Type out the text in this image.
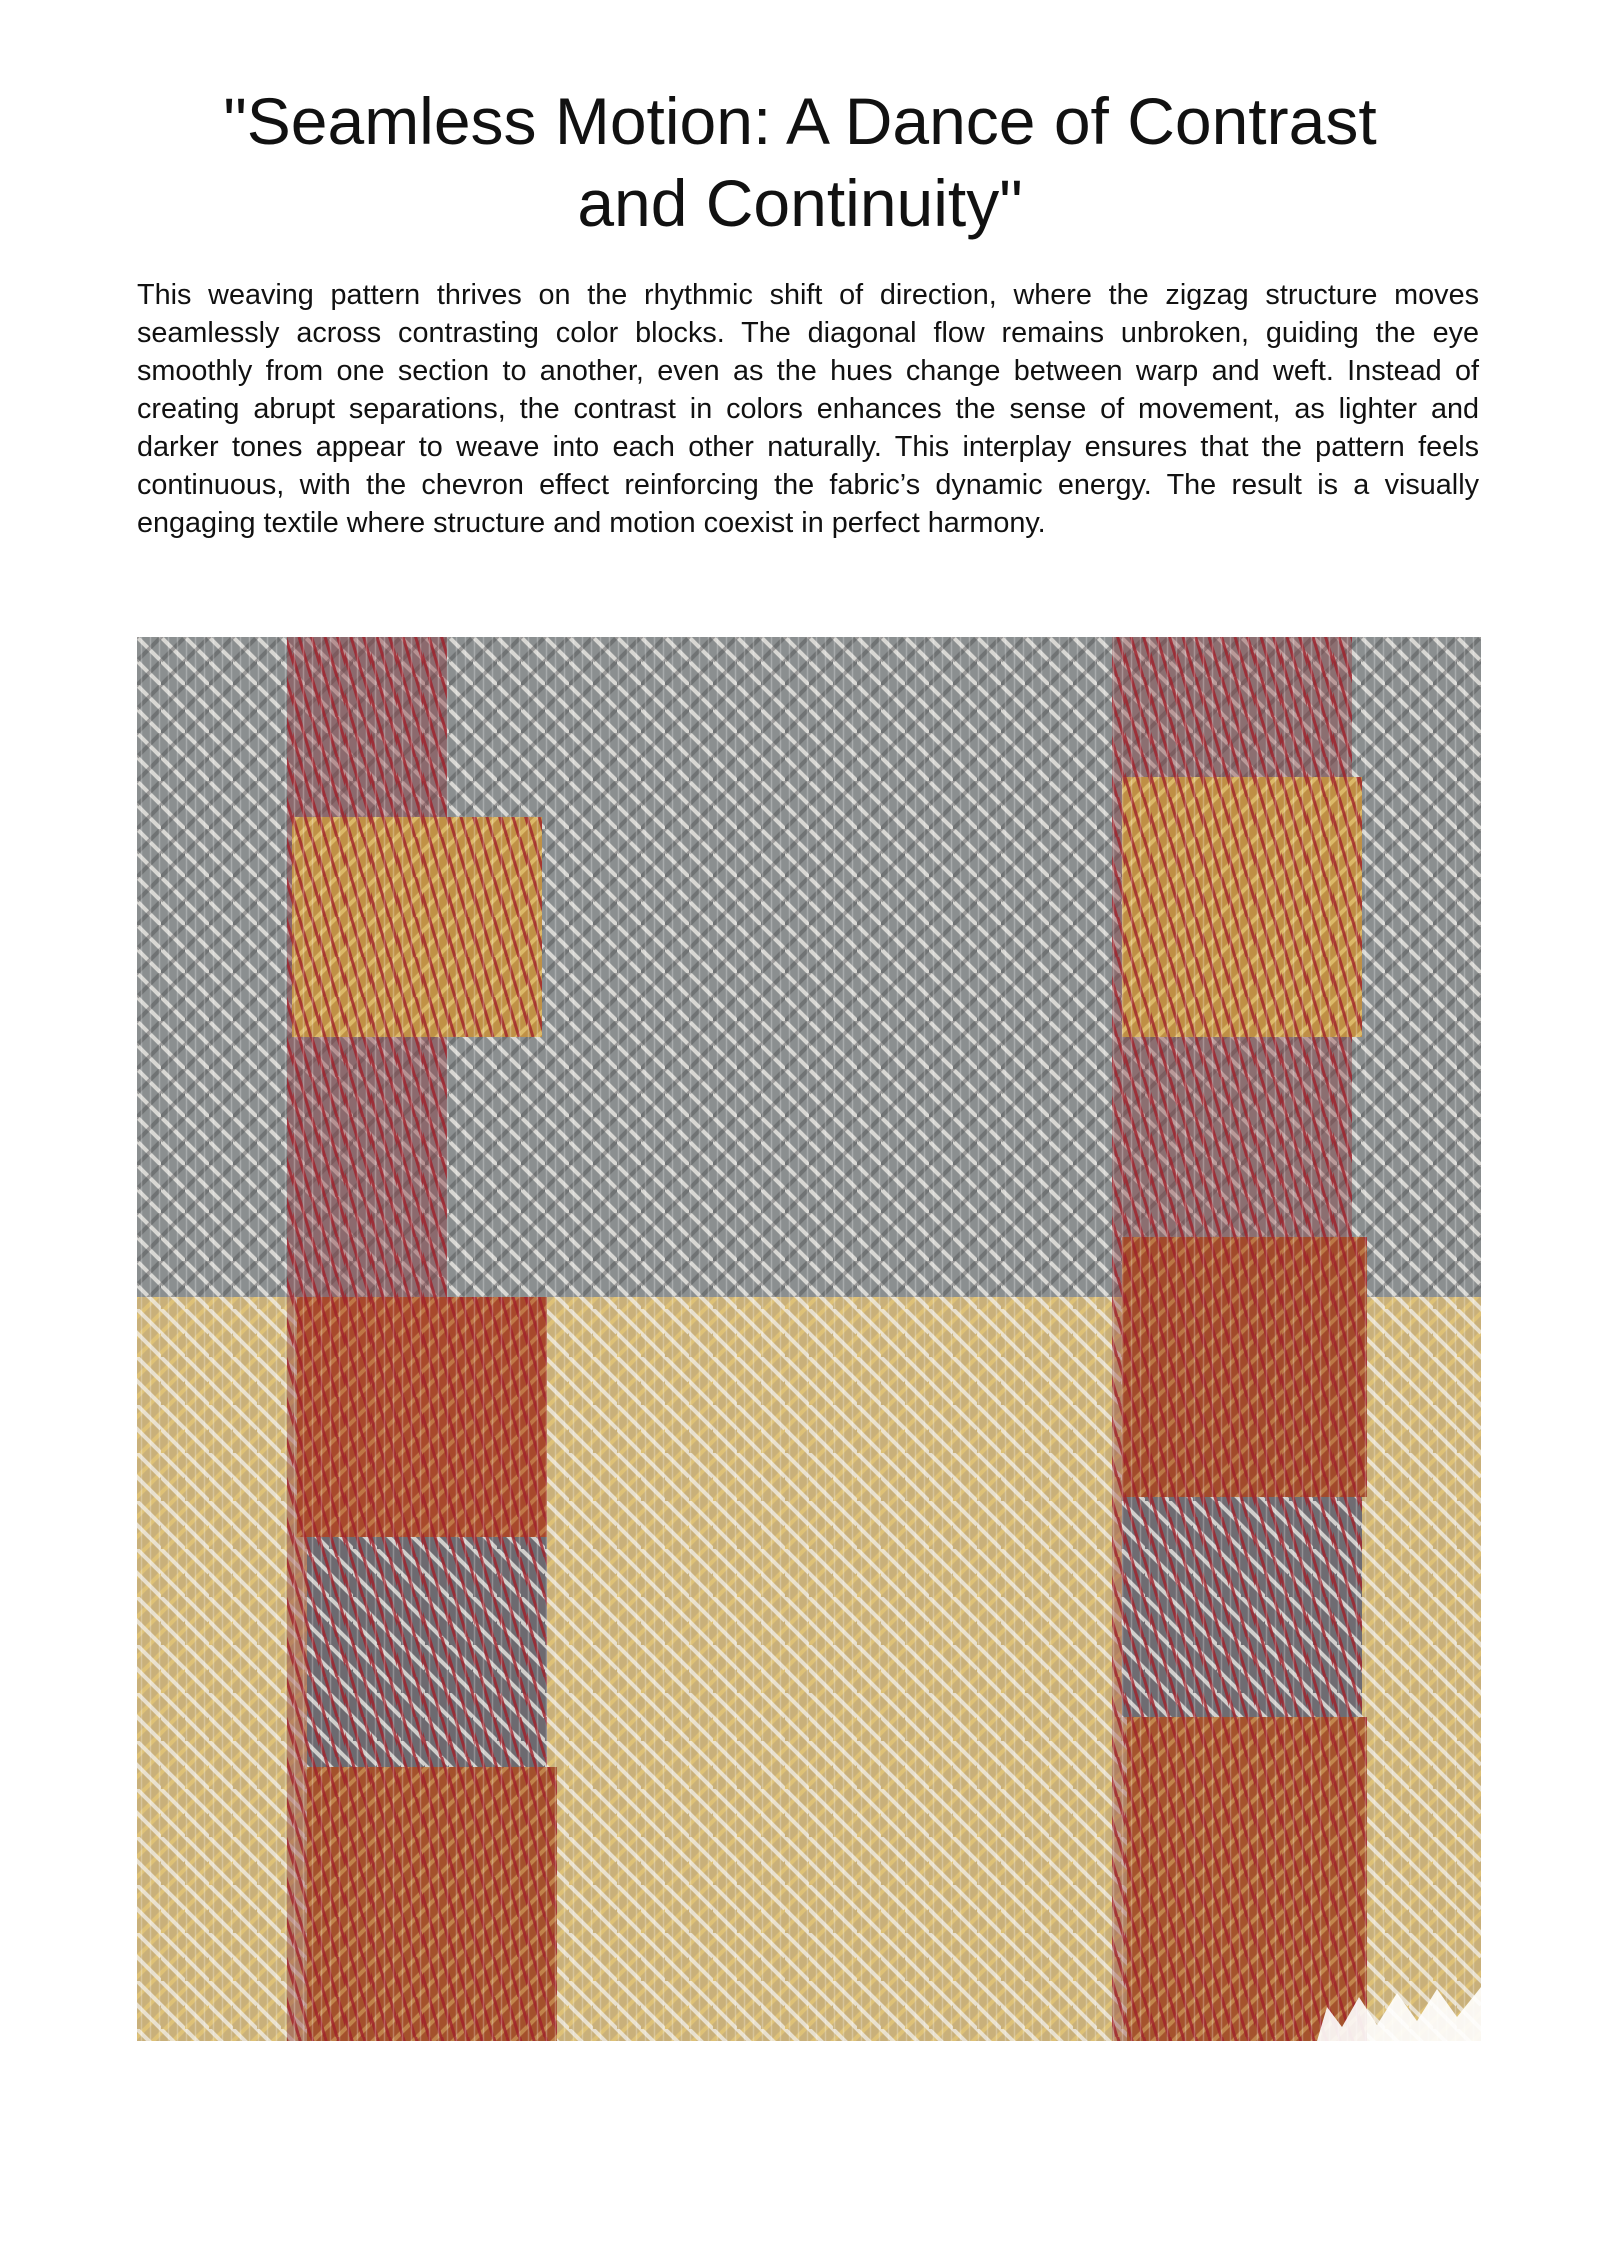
"Seamless Motion: A Dance of Contrast and Continuity"

This weaving pattern thrives on the rhythmic shift of direction, where the zigzag structure moves seamlessly across contrasting color blocks. The diagonal flow remains unbroken, guiding the eye smoothly from one section to another, even as the hues change between warp and weft. Instead of creating abrupt separations, the contrast in colors enhances the sense of movement, as lighter and darker tones appear to weave into each other naturally. This interplay ensures that the pattern feels continuous, with the chevron effect reinforcing the fabric’s dynamic energy. The result is a visually engaging textile where structure and motion coexist in perfect harmony.
